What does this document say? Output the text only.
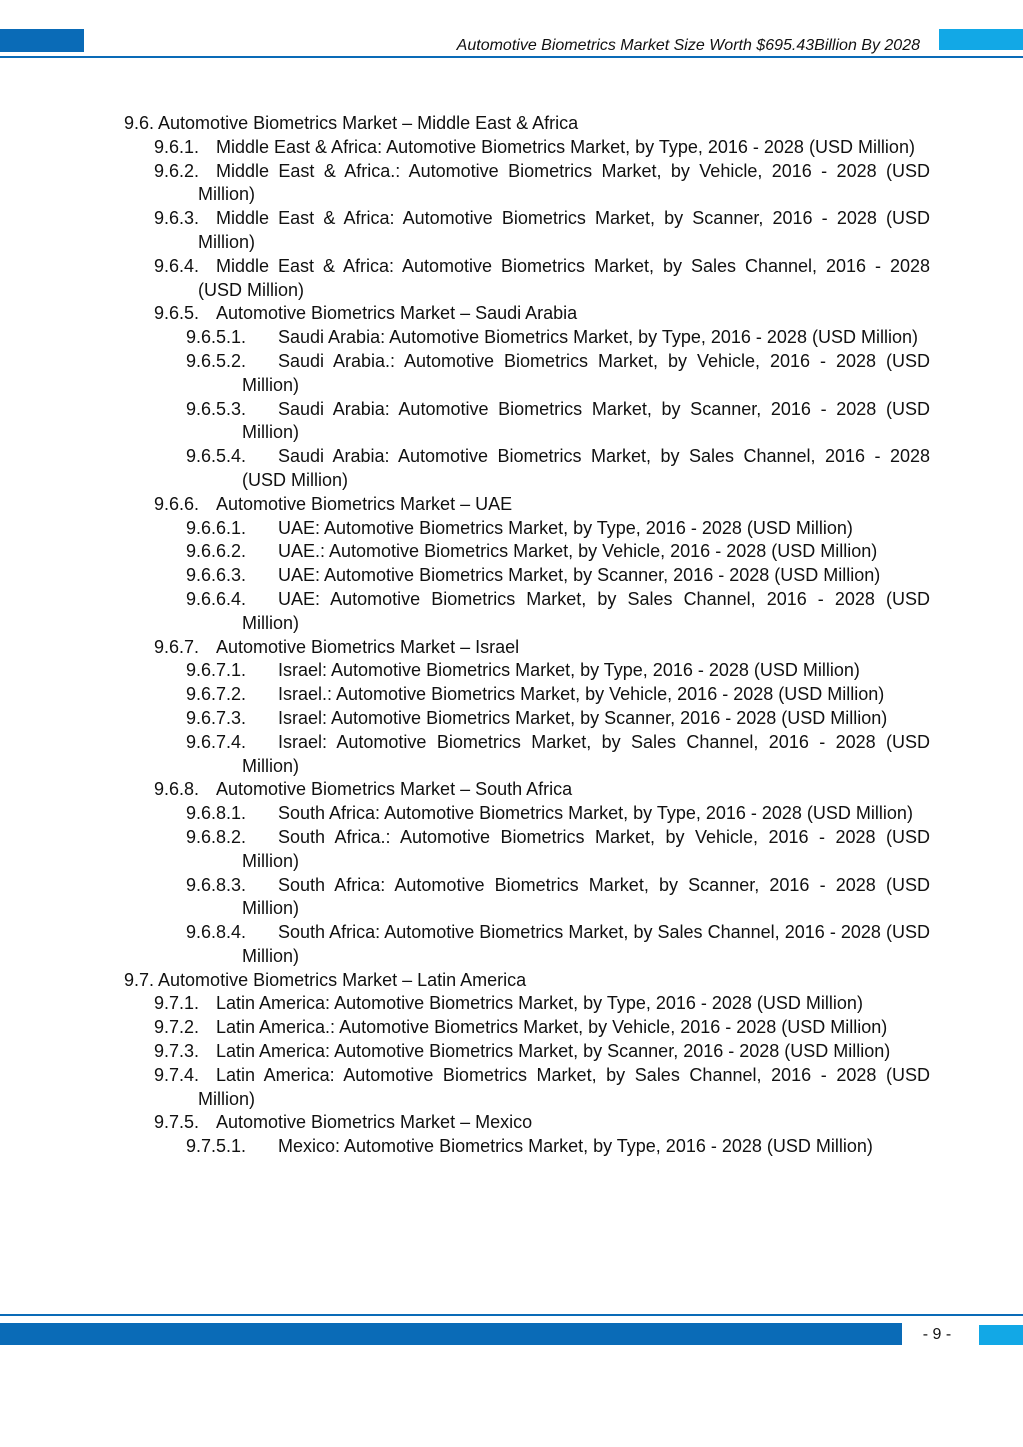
Automotive Biometrics Market Size Worth $695.43Billion By 2028
9.6. Automotive Biometrics Market – Middle East & Africa
9.6.1. Middle East & Africa: Automotive Biometrics Market, by Type, 2016 - 2028 (USD Million)
9.6.2. Middle East & Africa.: Automotive Biometrics Market, by Vehicle, 2016 - 2028 (USD Million)
9.6.3. Middle East & Africa: Automotive Biometrics Market, by Scanner, 2016 - 2028 (USD Million)
9.6.4. Middle East & Africa: Automotive Biometrics Market, by Sales Channel, 2016 - 2028 (USD Million)
9.6.5. Automotive Biometrics Market – Saudi Arabia
9.6.5.1. Saudi Arabia: Automotive Biometrics Market, by Type, 2016 - 2028 (USD Million)
9.6.5.2. Saudi Arabia.: Automotive Biometrics Market, by Vehicle, 2016 - 2028 (USD Million)
9.6.5.3. Saudi Arabia: Automotive Biometrics Market, by Scanner, 2016 - 2028 (USD Million)
9.6.5.4. Saudi Arabia: Automotive Biometrics Market, by Sales Channel, 2016 - 2028 (USD Million)
9.6.6. Automotive Biometrics Market – UAE
9.6.6.1. UAE: Automotive Biometrics Market, by Type, 2016 - 2028 (USD Million)
9.6.6.2. UAE.: Automotive Biometrics Market, by Vehicle, 2016 - 2028 (USD Million)
9.6.6.3. UAE: Automotive Biometrics Market, by Scanner, 2016 - 2028 (USD Million)
9.6.6.4. UAE: Automotive Biometrics Market, by Sales Channel, 2016 - 2028 (USD Million)
9.6.7. Automotive Biometrics Market – Israel
9.6.7.1. Israel: Automotive Biometrics Market, by Type, 2016 - 2028 (USD Million)
9.6.7.2. Israel.: Automotive Biometrics Market, by Vehicle, 2016 - 2028 (USD Million)
9.6.7.3. Israel: Automotive Biometrics Market, by Scanner, 2016 - 2028 (USD Million)
9.6.7.4. Israel: Automotive Biometrics Market, by Sales Channel, 2016 - 2028 (USD Million)
9.6.8. Automotive Biometrics Market – South Africa
9.6.8.1. South Africa: Automotive Biometrics Market, by Type, 2016 - 2028 (USD Million)
9.6.8.2. South Africa.: Automotive Biometrics Market, by Vehicle, 2016 - 2028 (USD Million)
9.6.8.3. South Africa: Automotive Biometrics Market, by Scanner, 2016 - 2028 (USD Million)
9.6.8.4. South Africa: Automotive Biometrics Market, by Sales Channel, 2016 - 2028 (USD Million)
9.7. Automotive Biometrics Market – Latin America
9.7.1. Latin America: Automotive Biometrics Market, by Type, 2016 - 2028 (USD Million)
9.7.2. Latin America.: Automotive Biometrics Market, by Vehicle, 2016 - 2028 (USD Million)
9.7.3. Latin America: Automotive Biometrics Market, by Scanner, 2016 - 2028 (USD Million)
9.7.4. Latin America: Automotive Biometrics Market, by Sales Channel, 2016 - 2028 (USD Million)
9.7.5. Automotive Biometrics Market – Mexico
9.7.5.1. Mexico: Automotive Biometrics Market, by Type, 2016 - 2028 (USD Million)
- 9 -
